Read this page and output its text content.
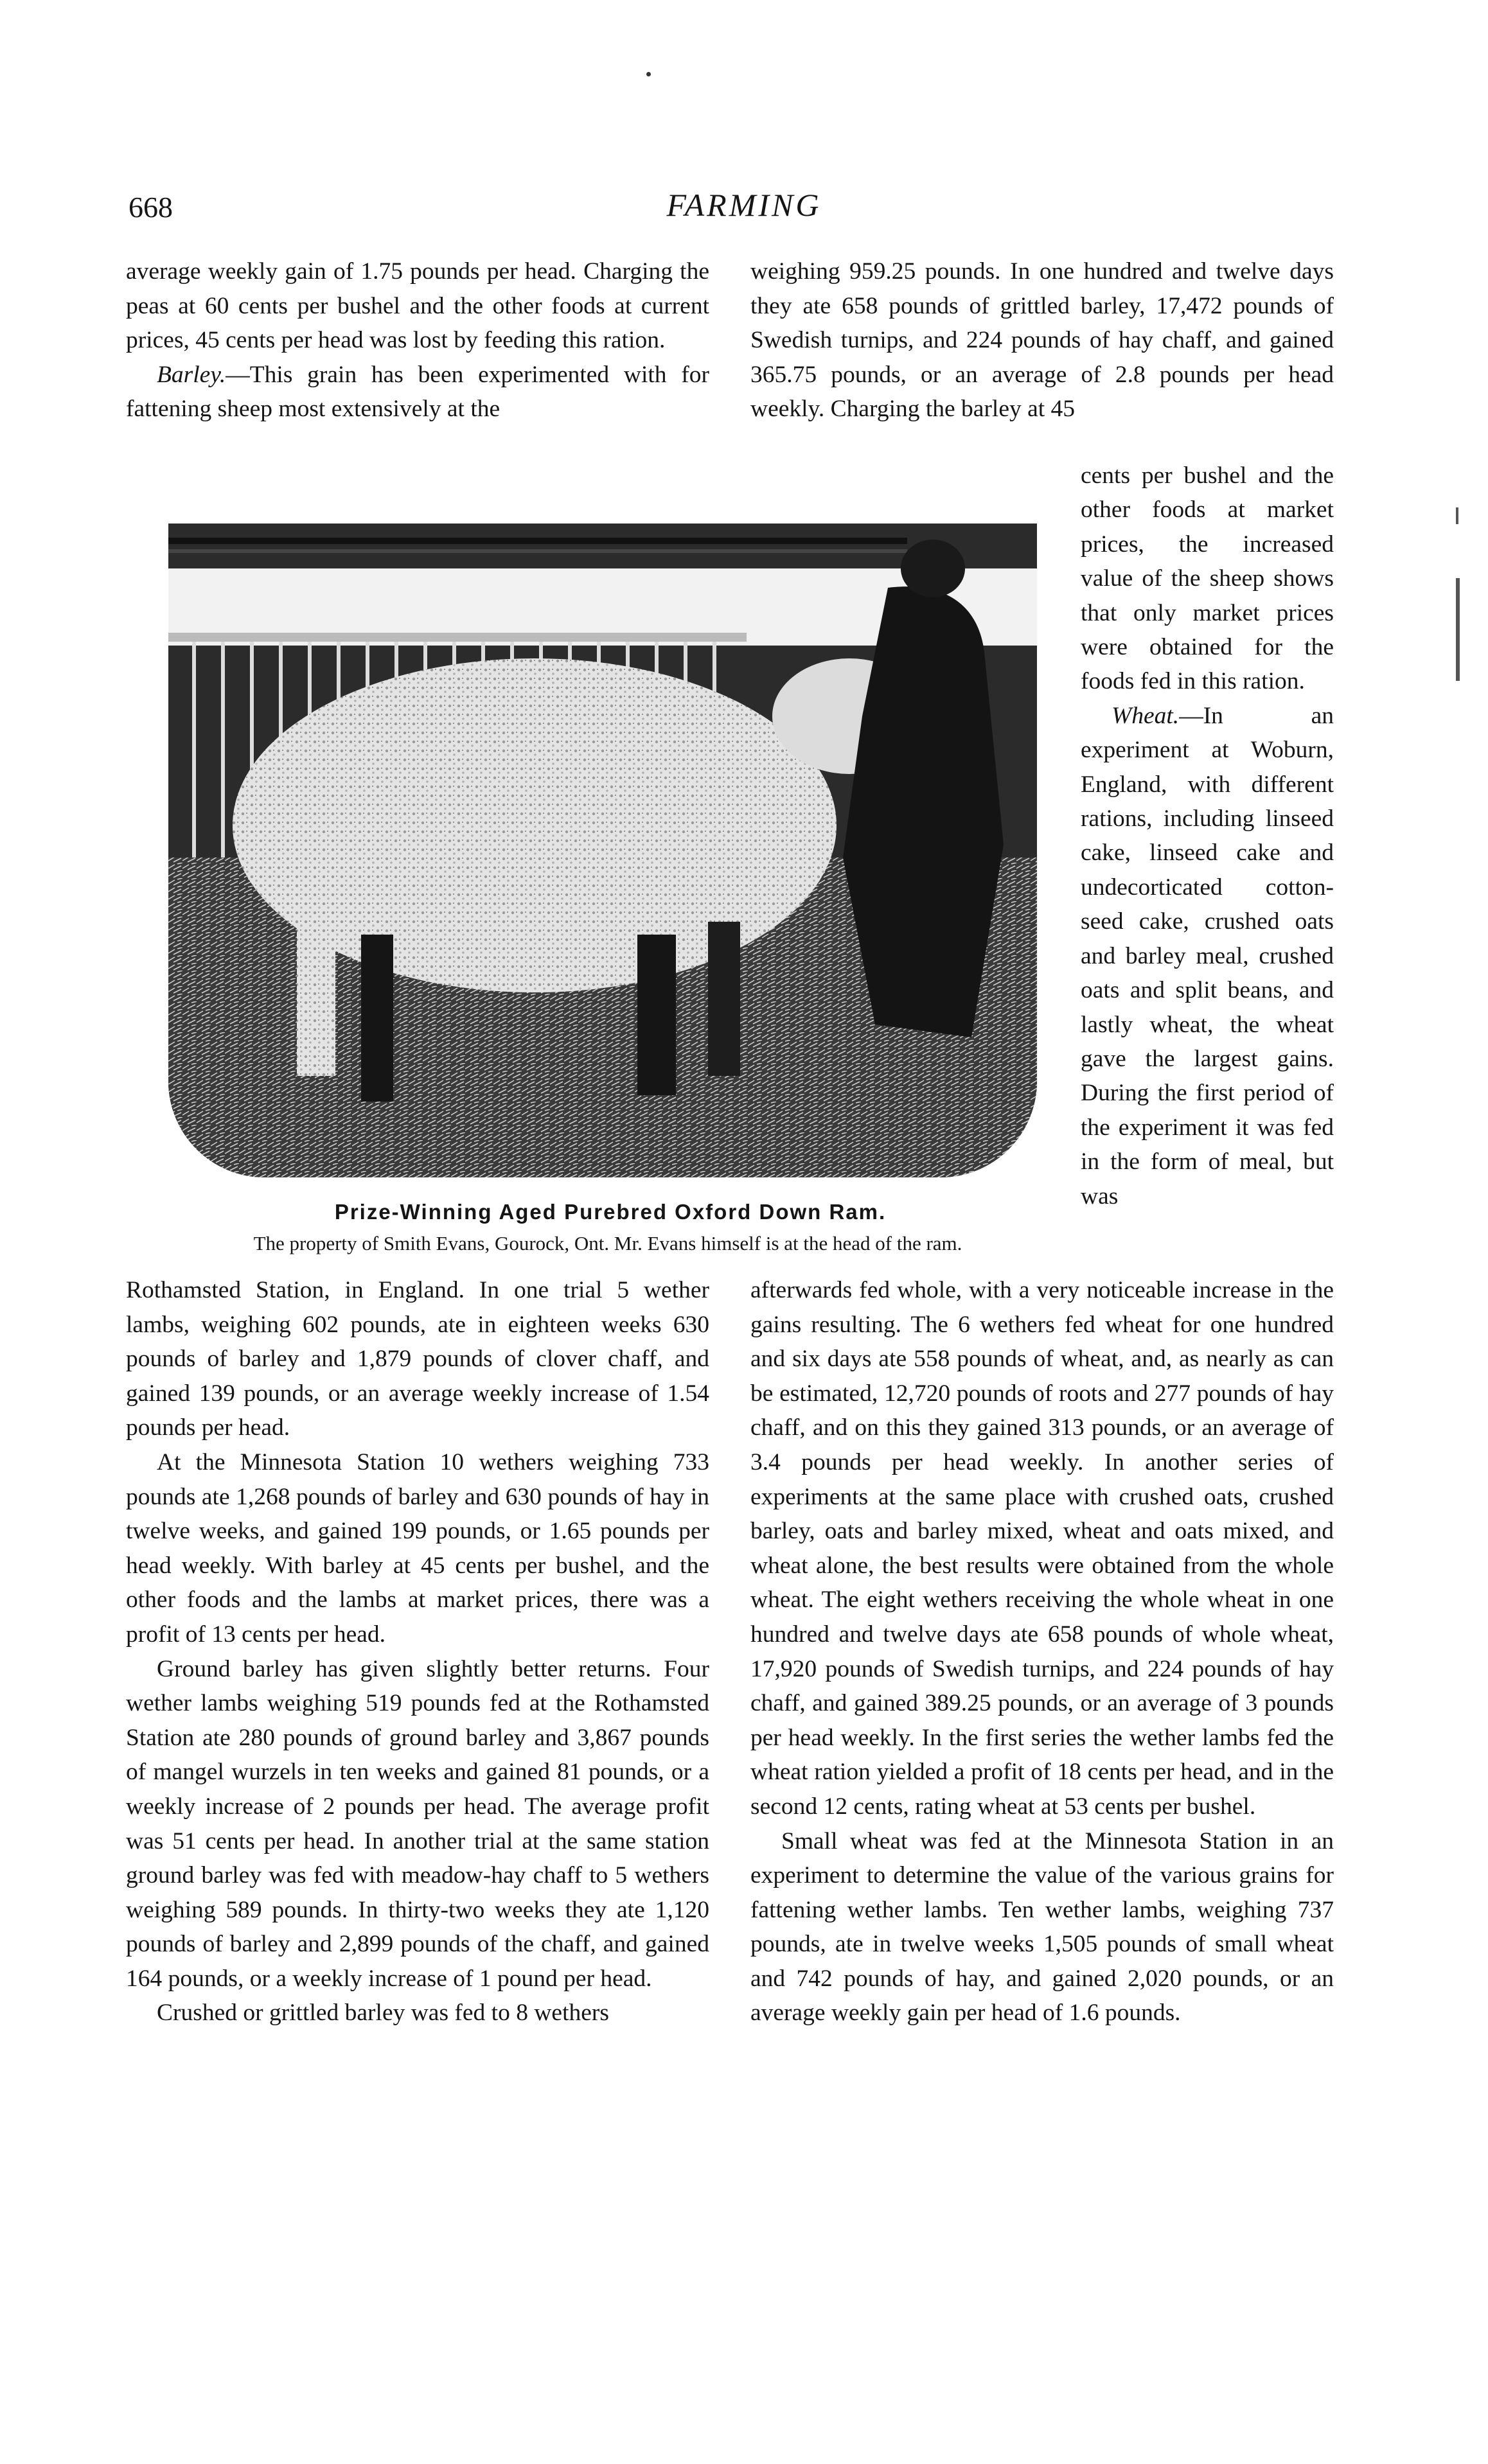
668	FARMING

average weekly gain of 1.75 pounds per head. Charging the peas at 60 cents per bushel and the other foods at current prices, 45 cents per head was lost by feeding this ration.

Barley.—This grain has been experimented with for fattening sheep most extensively at the

weighing 959.25 pounds. In one hundred and twelve days they ate 658 pounds of grittled barley, 17,472 pounds of Swedish turnips, and 224 pounds of hay chaff, and gained 365.75 pounds, or an average of 2.8 pounds per head weekly. Charging the barley at 45

cents per bushel and the other foods at market prices, the increased value of the sheep shows that only market prices were obtained for the foods fed in this ration.

Wheat.—In an experiment at Woburn, England, with different rations, including linseed cake, linseed cake and undecorticated cotton-seed cake, crushed oats and barley meal, crushed oats and split beans, and lastly wheat, the wheat gave the largest gains. During the first period of the experiment it was fed in the form of meal, but was

Prize-Winning Aged Purebred Oxford Down Ram.
The property of Smith Evans, Gourock, Ont. Mr. Evans himself is at the head of the ram.

Rothamsted Station, in England. In one trial 5 wether lambs, weighing 602 pounds, ate in eighteen weeks 630 pounds of barley and 1,879 pounds of clover chaff, and gained 139 pounds, or an average weekly increase of 1.54 pounds per head.

At the Minnesota Station 10 wethers weighing 733 pounds ate 1,268 pounds of barley and 630 pounds of hay in twelve weeks, and gained 199 pounds, or 1.65 pounds per head weekly. With barley at 45 cents per bushel, and the other foods and the lambs at market prices, there was a profit of 13 cents per head.

Ground barley has given slightly better returns. Four wether lambs weighing 519 pounds fed at the Rothamsted Station ate 280 pounds of ground barley and 3,867 pounds of mangel wurzels in ten weeks and gained 81 pounds, or a weekly increase of 2 pounds per head. The average profit was 51 cents per head. In another trial at the same station ground barley was fed with meadow-hay chaff to 5 wethers weighing 589 pounds. In thirty-two weeks they ate 1,120 pounds of barley and 2,899 pounds of the chaff, and gained 164 pounds, or a weekly increase of 1 pound per head.

Crushed or grittled barley was fed to 8 wethers

afterwards fed whole, with a very noticeable increase in the gains resulting. The 6 wethers fed wheat for one hundred and six days ate 558 pounds of wheat, and, as nearly as can be estimated, 12,720 pounds of roots and 277 pounds of hay chaff, and on this they gained 313 pounds, or an average of 3.4 pounds per head weekly. In another series of experiments at the same place with crushed oats, crushed barley, oats and barley mixed, wheat and oats mixed, and wheat alone, the best results were obtained from the whole wheat. The eight wethers receiving the whole wheat in one hundred and twelve days ate 658 pounds of whole wheat, 17,920 pounds of Swedish turnips, and 224 pounds of hay chaff, and gained 389.25 pounds, or an average of 3 pounds per head weekly. In the first series the wether lambs fed the wheat ration yielded a profit of 18 cents per head, and in the second 12 cents, rating wheat at 53 cents per bushel.

Small wheat was fed at the Minnesota Station in an experiment to determine the value of the various grains for fattening wether lambs. Ten wether lambs, weighing 737 pounds, ate in twelve weeks 1,505 pounds of small wheat and 742 pounds of hay, and gained 2,020 pounds, or an average weekly gain per head of 1.6 pounds.
